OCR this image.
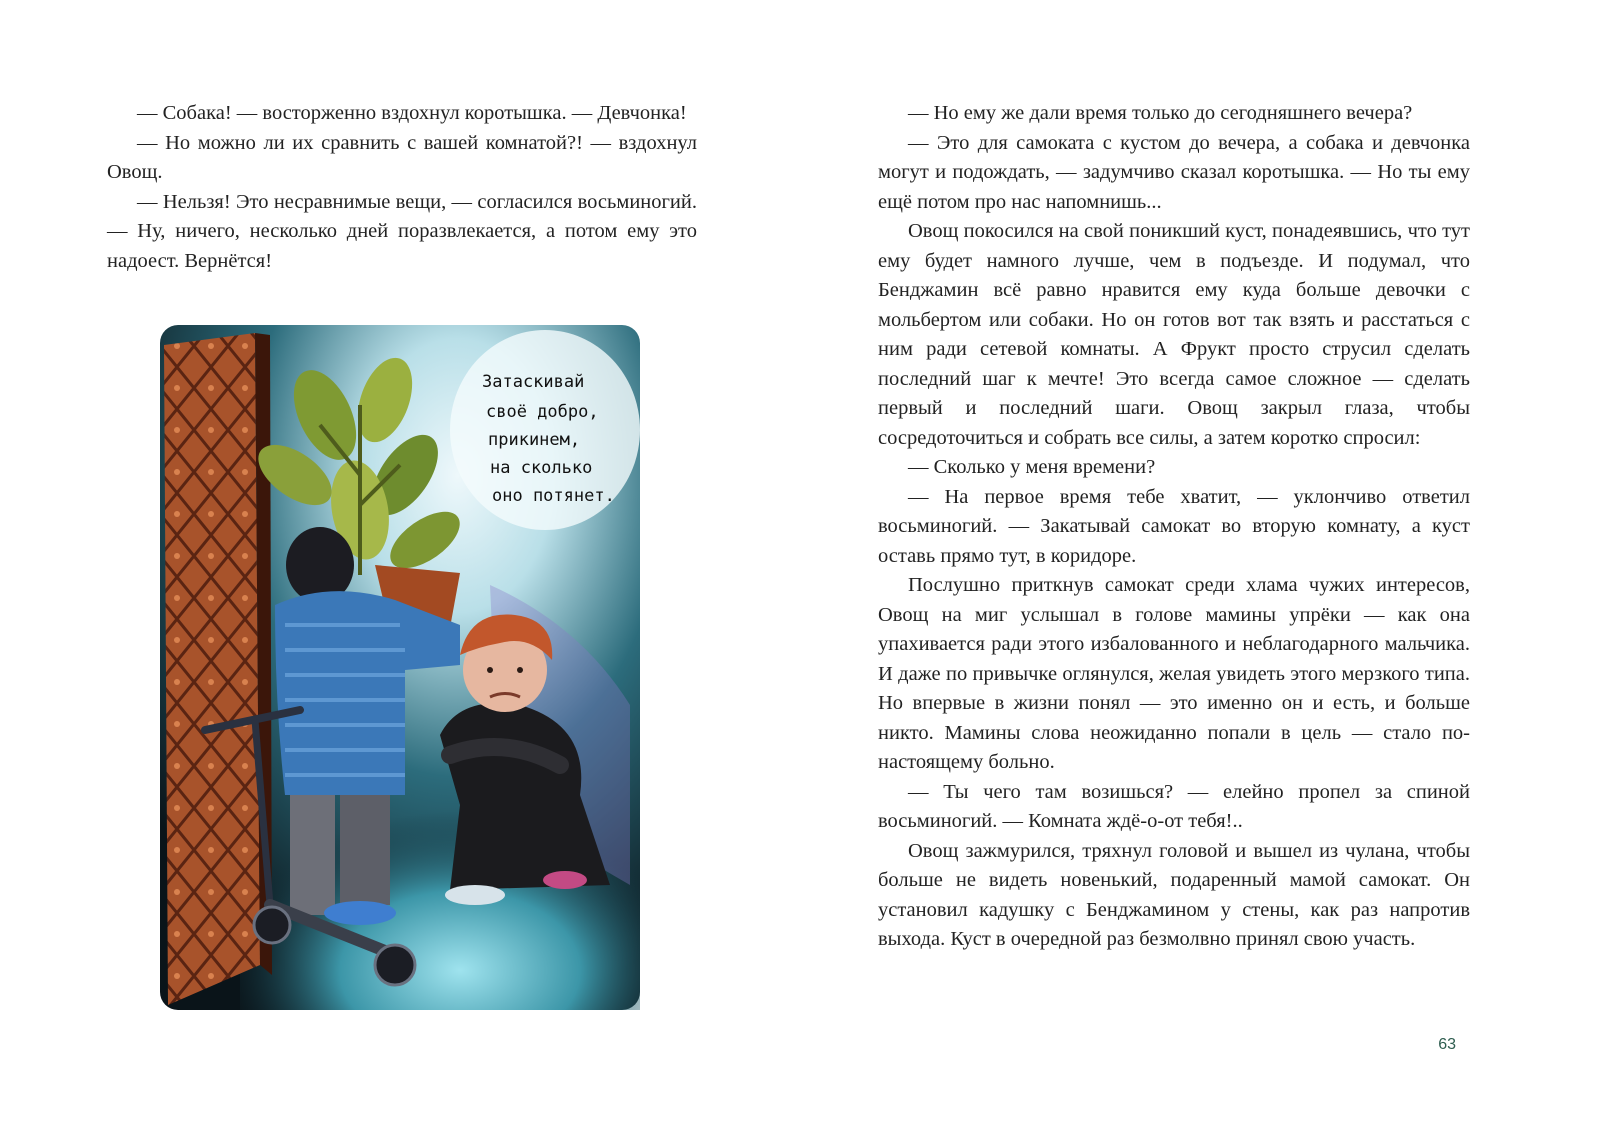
— Собака! — восторженно вздохнул коротышка. — Девчонка!

— Но можно ли их сравнить с вашей комнатой?! — вздохнул Овощ.

— Нельзя! Это несравнимые вещи, — согласился восьминогий. — Ну, ничего, несколько дней поразвлекается, а потом ему это надоест. Вернётся!

Затаскивай
своё добро,
прикинем,
на сколько
оно потянет.

— Но ему же дали время только до сегодняшнего вечера?

— Это для самоката с кустом до вечера, а собака и девчонка могут и подождать, — задумчиво сказал коротышка. — Но ты ему ещё потом про нас напомнишь...

Овощ покосился на свой поникший куст, понадеявшись, что тут ему будет намного лучше, чем в подъезде. И подумал, что Бенджамин всё равно нравится ему куда больше девочки с мольбертом или собаки. Но он готов вот так взять и расстаться с ним ради сетевой комнаты. А Фрукт просто струсил сделать последний шаг к мечте! Это всегда самое сложное — сделать первый и последний шаги. Овощ закрыл глаза, чтобы сосредоточиться и собрать все силы, а затем коротко спросил:

— Сколько у меня времени?

— На первое время тебе хватит, — уклончиво ответил восьминогий. — Закатывай самокат во вторую комнату, а куст оставь прямо тут, в коридоре.

Послушно приткнув самокат среди хлама чужих интересов, Овощ на миг услышал в голове мамины упрёки — как она упахивается ради этого избалованного и неблагодарного мальчика. И даже по привычке оглянулся, желая увидеть этого мерзкого типа. Но впервые в жизни понял — это именно он и есть, и больше никто. Мамины слова неожиданно попали в цель — стало по-настоящему больно.

— Ты чего там возишься? — елейно пропел за спиной восьминогий. — Комната ждё-о-от тебя!..

Овощ зажмурился, тряхнул головой и вышел из чулана, чтобы больше не видеть новенький, подаренный мамой самокат. Он установил кадушку с Бенджамином у стены, как раз напротив выхода. Куст в очередной раз безмолвно принял свою участь.

63
